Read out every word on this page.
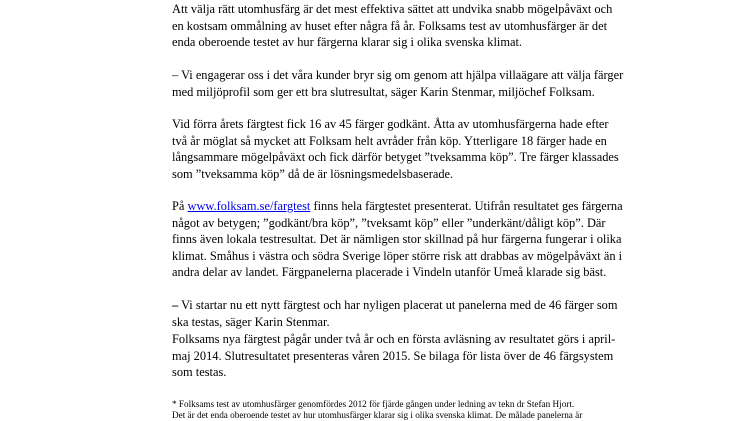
Att välja rätt utomhusfärg är det mest effektiva sättet att undvika snabb mögelpåväxt och
en kostsam ommålning av huset efter några få år. Folksams test av utomhusfärger är det
enda oberoende testet av hur färgerna klarar sig i olika svenska klimat.

– Vi engagerar oss i det våra kunder bryr sig om genom att hjälpa villaägare att välja färger
med miljöprofil som ger ett bra slutresultat, säger Karin Stenmar, miljöchef Folksam.

Vid förra årets färgtest fick 16 av 45 färger godkänt. Åtta av utomhusfärgerna hade efter
två år möglat så mycket att Folksam helt avråder från köp. Ytterligare 18 färger hade en
långsammare mögelpåväxt och fick därför betyget ”tveksamma köp”. Tre färger klassades
som ”tveksamma köp” då de är lösningsmedelsbaserade.

På www.folksam.se/fargtest finns hela färgtestet presenterat. Utifrån resultatet ges färgerna
något av betygen; ”godkänt/bra köp”, ”tveksamt köp” eller ”underkänt/dåligt köp”. Där
finns även lokala testresultat. Det är nämligen stor skillnad på hur färgerna fungerar i olika
klimat. Småhus i västra och södra Sverige löper större risk att drabbas av mögelpåväxt än i
andra delar av landet. Färgpanelerna placerade i Vindeln utanför Umeå klarade sig bäst.

– Vi startar nu ett nytt färgtest och har nyligen placerat ut panelerna med de 46 färger som
ska testas, säger Karin Stenmar.

Folksams nya färgtest pågår under två år och en första avläsning av resultatet görs i april-
maj 2014. Slutresultatet presenteras våren 2015. Se bilaga för lista över de 46 färgsystem
som testas.

* Folksams test av utomhusfärger genomfördes 2012 för fjärde gången under ledning av tekn dr Stefan Hjort.
Det är det enda oberoende testet av hur utomhusfärger klarar sig i olika svenska klimat. De målade panelerna är
